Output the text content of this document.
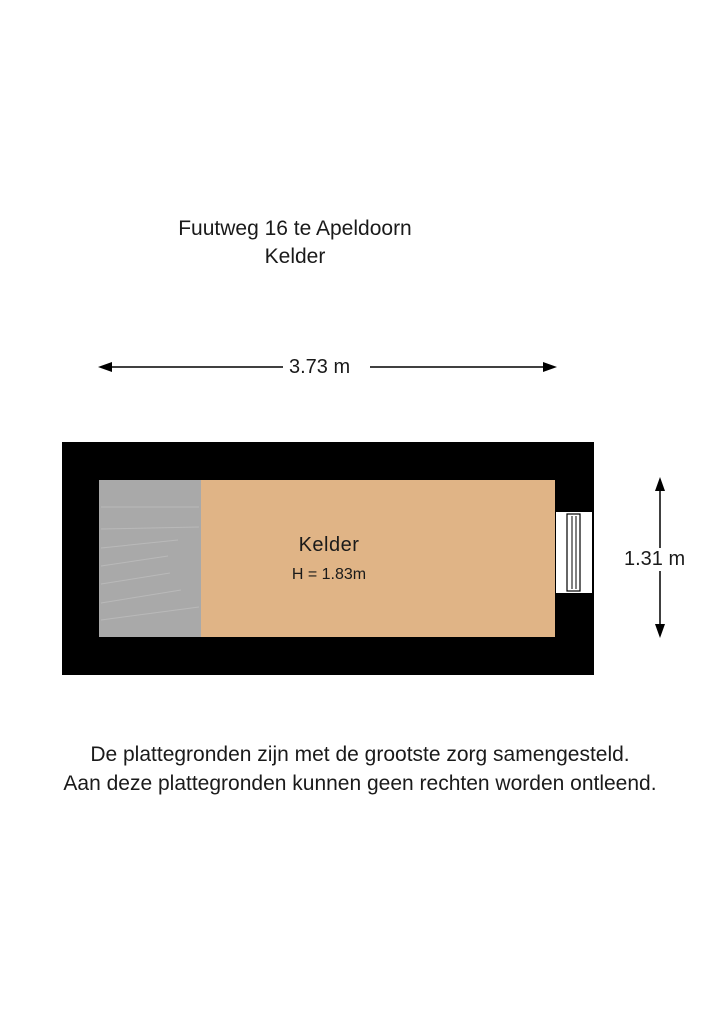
Fuutweg 16 te Apeldoorn
Kelder
3.73 m
1.31 m
Kelder
H = 1.83m
De plattegronden zijn met de grootste zorg samengesteld.
Aan deze plattegronden kunnen geen rechten worden ontleend.
